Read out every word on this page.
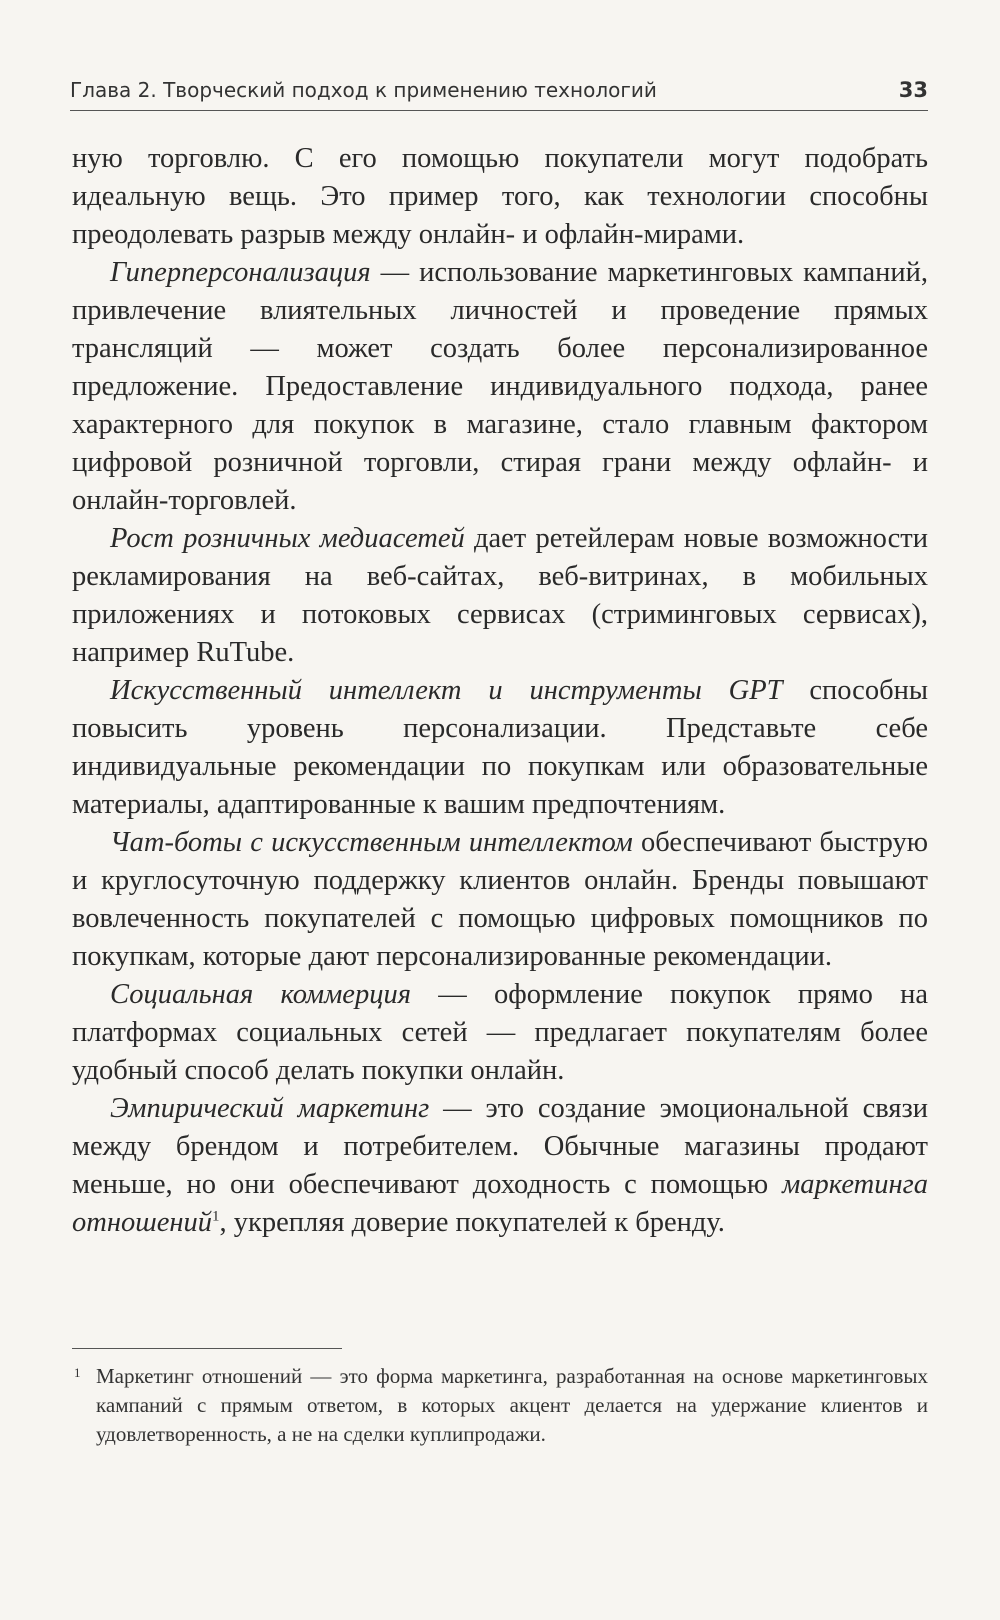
Глава 2. Творческий подход к применению технологий	33

ную торговлю. С его помощью покупатели могут подобрать идеальную вещь. Это пример того, как технологии способны преодолевать разрыв между онлайн- и офлайн-мирами.

Гиперперсонализация — использование маркетинговых кампаний, привлечение влиятельных личностей и проведение прямых трансляций — может создать более персонализированное предложение. Предоставление индивидуального подхода, ранее характерного для покупок в магазине, стало главным фактором цифровой розничной торговли, стирая грани между офлайн- и онлайн-торговлей.

Рост розничных медиасетей дает ретейлерам новые возможности рекламирования на веб-сайтах, веб-витринах, в мобильных приложениях и потоковых сервисах (стриминговых сервисах), например RuTube.

Искусственный интеллект и инструменты GPT способны повысить уровень персонализации. Представьте себе индивидуальные рекомендации по покупкам или образовательные материалы, адаптированные к вашим предпочтениям.

Чат-боты с искусственным интеллектом обеспечивают быструю и круглосуточную поддержку клиентов онлайн. Бренды повышают вовлеченность покупателей с помощью цифровых помощников по покупкам, которые дают персонализированные рекомендации.

Социальная коммерция — оформление покупок прямо на платформах социальных сетей — предлагает покупателям более удобный способ делать покупки онлайн.

Эмпирический маркетинг — это создание эмоциональной связи между брендом и потребителем. Обычные магазины продают меньше, но они обеспечивают доходность с помощью маркетинга отношений$^1$, укрепляя доверие покупателей к бренду.

1 Маркетинг отношений — это форма маркетинга, разработанная на основе маркетинговых кампаний с прямым ответом, в которых акцент делается на удержание клиентов и удовлетворенность, а не на сделки куплипродажи.
